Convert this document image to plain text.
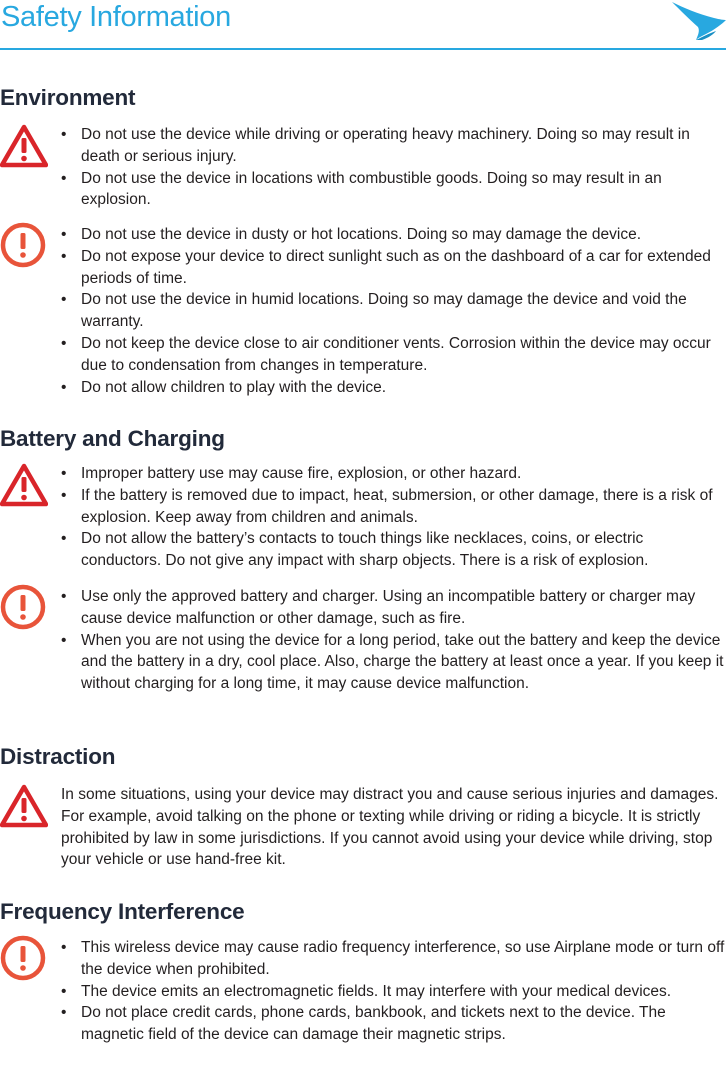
Safety Information
Environment
• Do not use the device while driving or operating heavy machinery. Doing so may result in death or serious injury.
• Do not use the device in locations with combustible goods. Doing so may result in an explosion.
• Do not use the device in dusty or hot locations. Doing so may damage the device.
• Do not expose your device to direct sunlight such as on the dashboard of a car for extended periods of time.
• Do not use the device in humid locations. Doing so may damage the device and void the warranty.
• Do not keep the device close to air conditioner vents. Corrosion within the device may occur due to condensation from changes in temperature.
• Do not allow children to play with the device.
Battery and Charging
• Improper battery use may cause fire, explosion, or other hazard.
• If the battery is removed due to impact, heat, submersion, or other damage, there is a risk of explosion. Keep away from children and animals.
• Do not allow the battery’s contacts to touch things like necklaces, coins, or electric conductors. Do not give any impact with sharp objects. There is a risk of explosion.
• Use only the approved battery and charger. Using an incompatible battery or charger may cause device malfunction or other damage, such as fire.
• When you are not using the device for a long period, take out the battery and keep the device and the battery in a dry, cool place. Also, charge the battery at least once a year. If you keep it without charging for a long time, it may cause device malfunction.
Distraction

In some situations, using your device may distract you and cause serious injuries and damages. For example, avoid talking on the phone or texting while driving or riding a bicycle. It is strictly prohibited by law in some jurisdictions. If you cannot avoid using your device while driving, stop your vehicle or use hand-free kit.

Frequency Interference
• This wireless device may cause radio frequency interference, so use Airplane mode or turn off the device when prohibited.
• The device emits an electromagnetic fields. It may interfere with your medical devices.
• Do not place credit cards, phone cards, bankbook, and tickets next to the device. The magnetic field of the device can damage their magnetic strips.
